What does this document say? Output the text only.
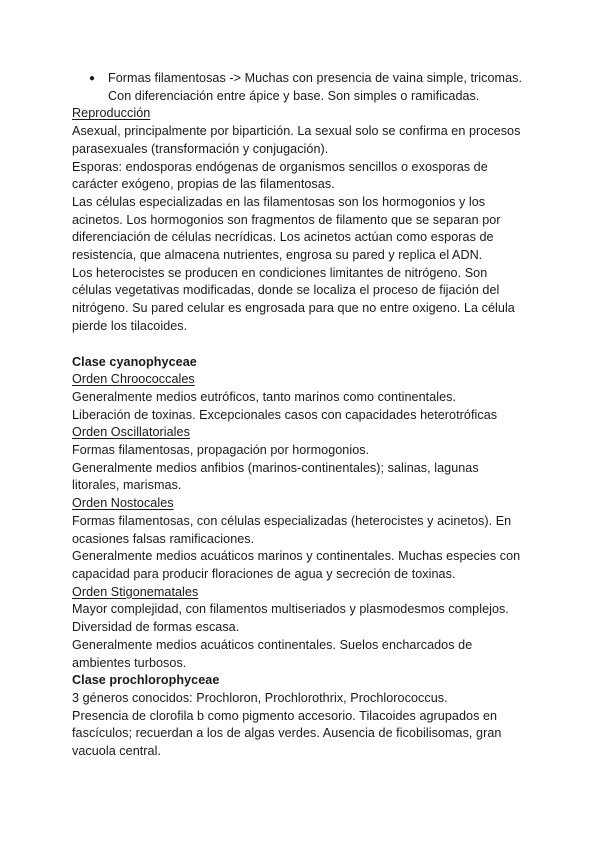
●	Formas filamentosas -> Muchas con presencia de vaina simple, tricomas. Con diferenciación entre ápice y base. Son simples o ramificadas.

Reproducción

Asexual, principalmente por bipartición. La sexual solo se confirma en procesos parasexuales (transformación y conjugación).

Esporas: endosporas endógenas de organismos sencillos o exosporas de carácter exógeno, propias de las filamentosas.

Las células especializadas en las filamentosas son los hormogonios y los acinetos. Los hormogonios son fragmentos de filamento que se separan por diferenciación de células necrídicas. Los acinetos actúan como esporas de resistencia, que almacena nutrientes, engrosa su pared y replica el ADN.

Los heterocistes se producen en condiciones limitantes de nitrógeno. Son células vegetativas modificadas, donde se localiza el proceso de fijación del nitrógeno. Su pared celular es engrosada para que no entre oxigeno. La célula pierde los tilacoides.

Clase cyanophyceae

Orden Chroococcales

Generalmente medios eutróficos, tanto marinos como continentales.

Liberación de toxinas. Excepcionales casos con capacidades heterotróficas

Orden Oscillatoriales

Formas filamentosas, propagación por hormogonios.

Generalmente medios anfibios (marinos-continentales); salinas, lagunas litorales, marismas.

Orden Nostocales

Formas filamentosas, con células especializadas (heterocistes y acinetos). En ocasiones falsas ramificaciones.

Generalmente medios acuáticos marinos y continentales. Muchas especies con capacidad para producir floraciones de agua y secreción de toxinas.

Orden Stigonematales

Mayor complejidad, con filamentos multiseriados y plasmodesmos complejos. Diversidad de formas escasa.

Generalmente medios acuáticos continentales. Suelos encharcados de ambientes turbosos.

Clase prochlorophyceae

3 géneros conocidos: Prochloron, Prochlorothrix, Prochlorococcus.

Presencia de clorofila b como pigmento accesorio. Tilacoides agrupados en fascículos; recuerdan a los de algas verdes. Ausencia de ficobilisomas, gran vacuola central.
